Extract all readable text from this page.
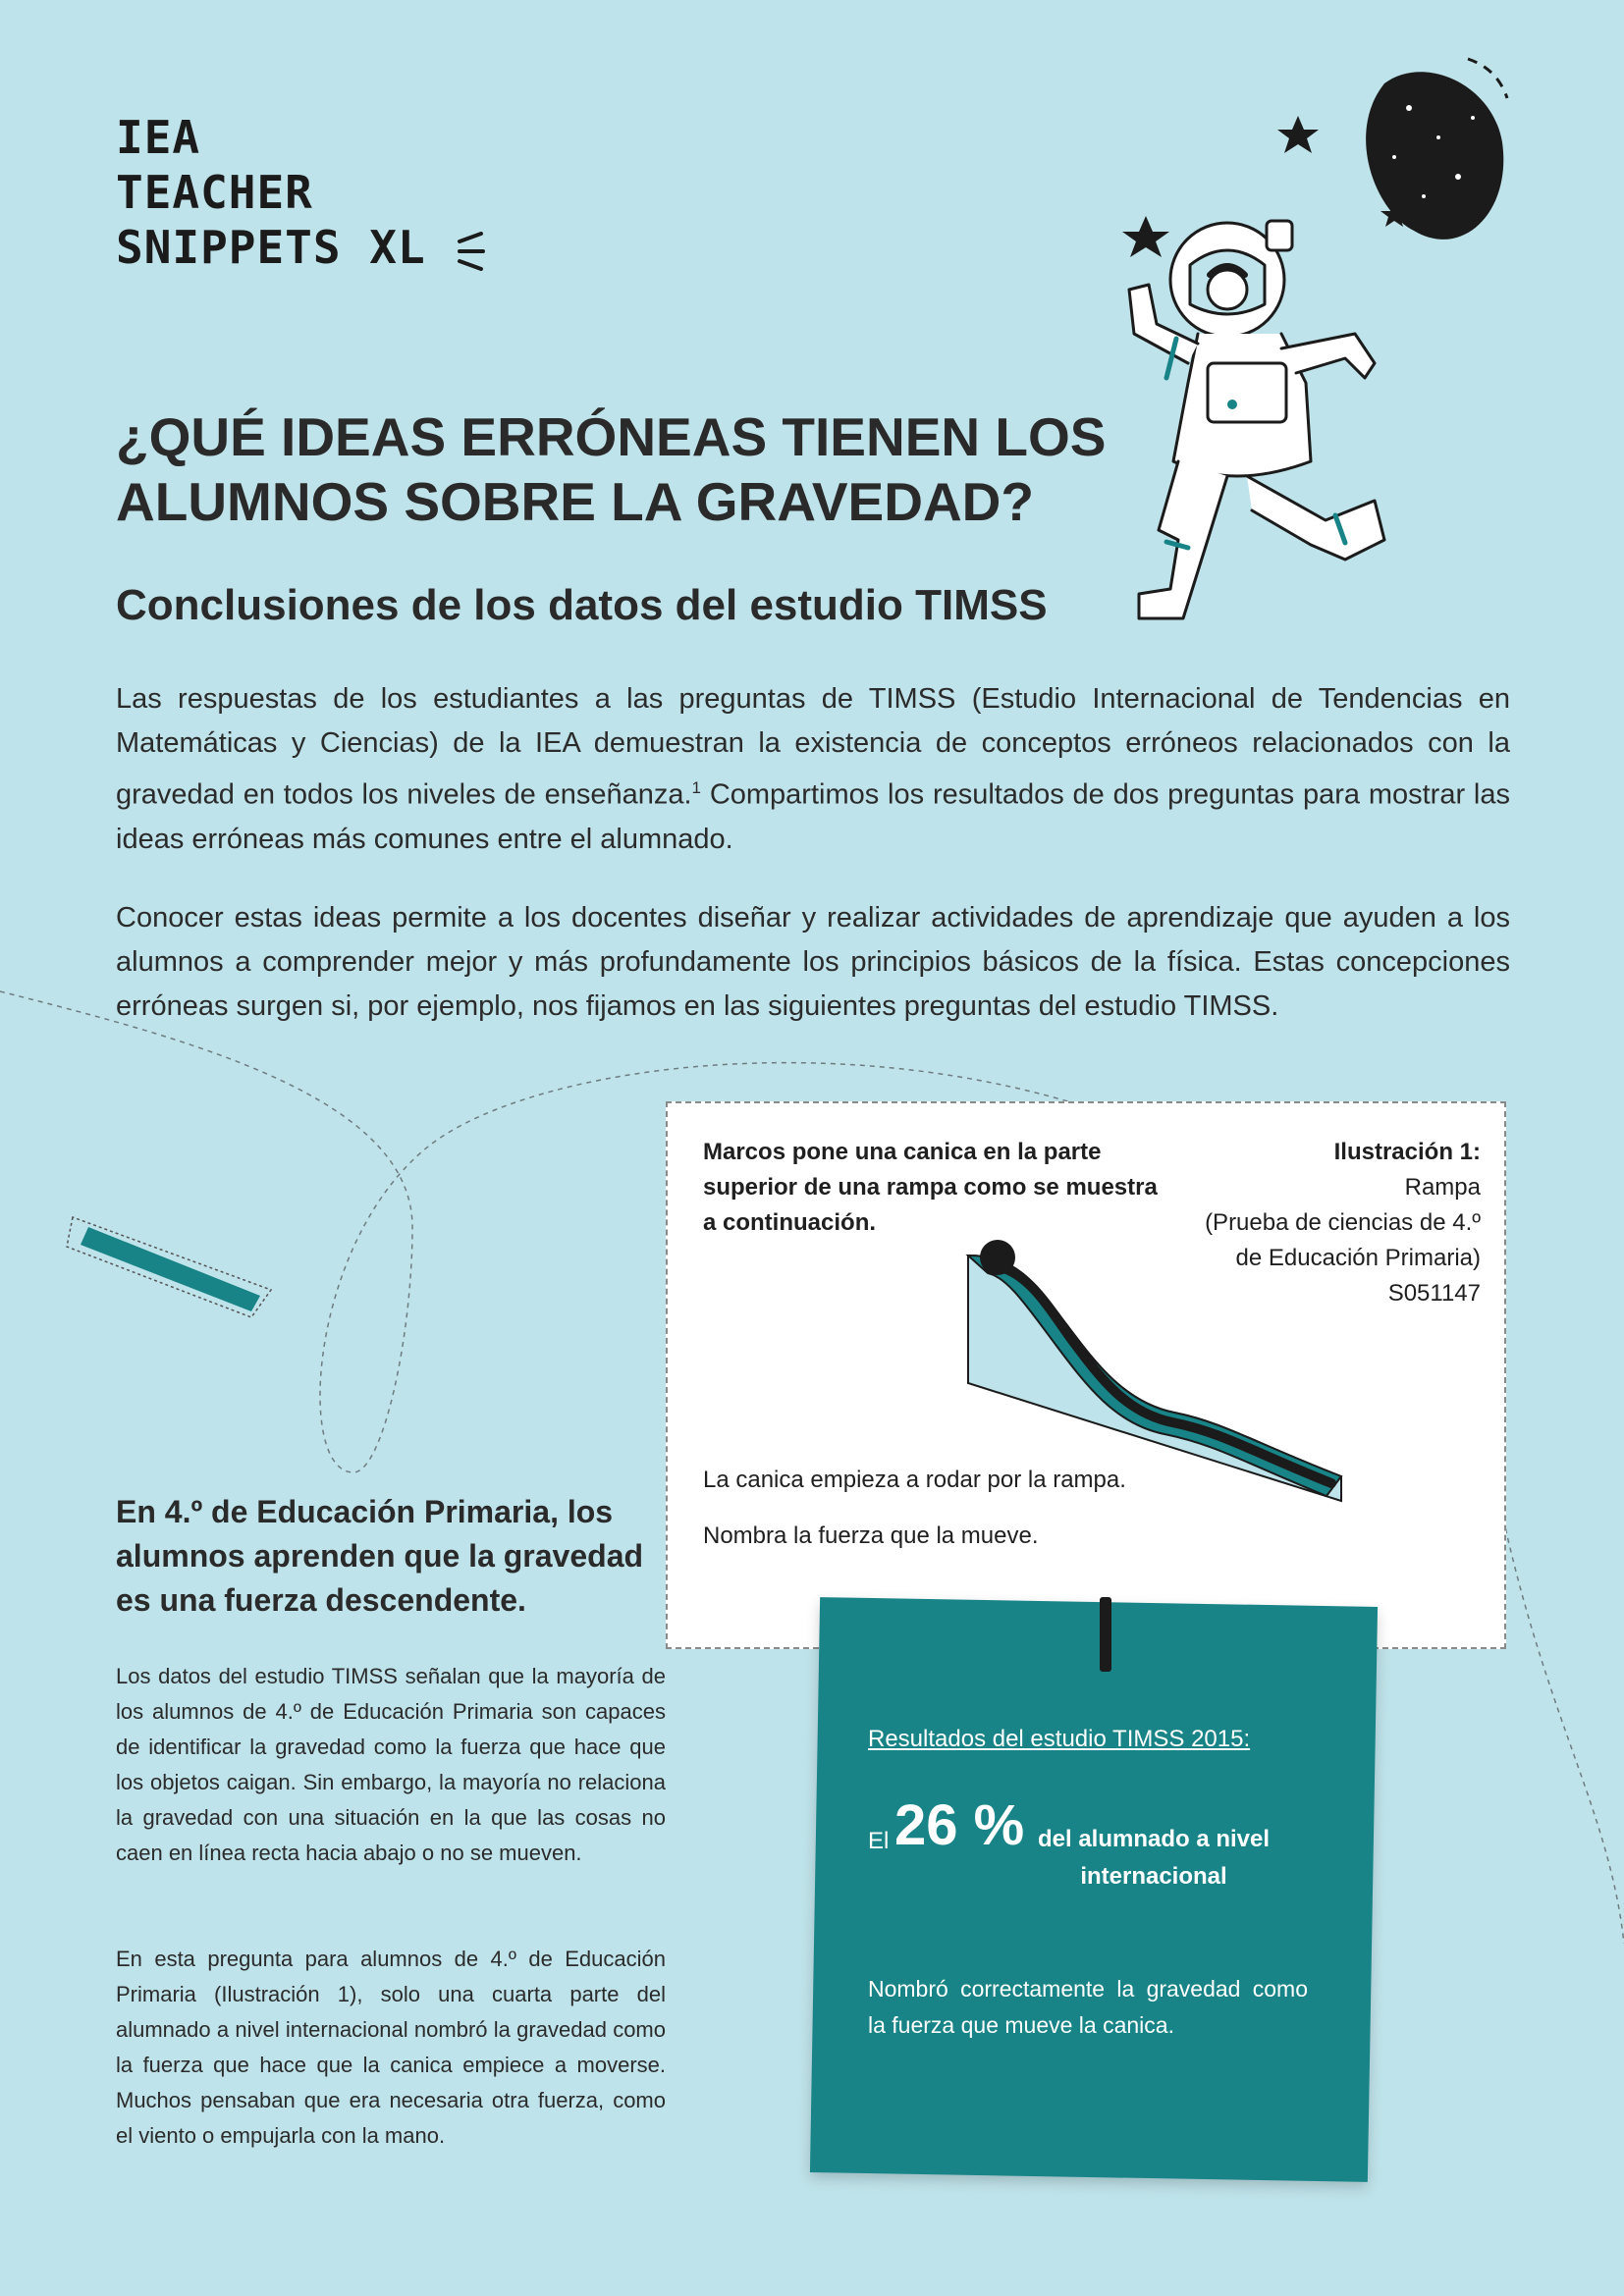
IEA
TEACHER
SNIPPETS XL
¿QUÉ IDEAS ERRÓNEAS TIENEN LOS ALUMNOS SOBRE LA GRAVEDAD?
Conclusiones de los datos del estudio TIMSS

Las respuestas de los estudiantes a las preguntas de TIMSS (Estudio Internacional de Tendencias en Matemáticas y Ciencias) de la IEA demuestran la existencia de conceptos erróneos relacionados con la gravedad en todos los niveles de enseñanza.$^1$ Compartimos los resultados de dos preguntas para mostrar las ideas erróneas más comunes entre el alumnado.

Conocer estas ideas permite a los docentes diseñar y realizar actividades de aprendizaje que ayuden a los alumnos a comprender mejor y más profundamente los principios básicos de la física. Estas concepciones erróneas surgen si, por ejemplo, nos fijamos en las siguientes preguntas del estudio TIMSS.

Marcos pone una canica en la parte superior de una rampa como se muestra a continuación.
Ilustración 1:
Rampa
(Prueba de ciencias de 4.º
de Educación Primaria)
S051147
La canica empieza a rodar por la rampa.
Nombra la fuerza que la mueve.
En 4.º de Educación Primaria, los alumnos aprenden que la gravedad es una fuerza descendente.

Los datos del estudio TIMSS señalan que la mayoría de los alumnos de 4.º de Educación Primaria son capaces de identificar la gravedad como la fuerza que hace que los objetos caigan. Sin embargo, la mayoría no relaciona la gravedad con una situación en la que las cosas no caen en línea recta hacia abajo o no se mueven.

En esta pregunta para alumnos de 4.º de Educación Primaria (Ilustración 1), solo una cuarta parte del alumnado a nivel internacional nombró la gravedad como la fuerza que hace que la canica empiece a moverse. Muchos pensaban que era necesaria otra fuerza, como el viento o empujarla con la mano.

Resultados del estudio TIMSS 2015:
El 26 % del alumnado a nivel internacional
Nombró correctamente la gravedad como la fuerza que mueve la canica.
